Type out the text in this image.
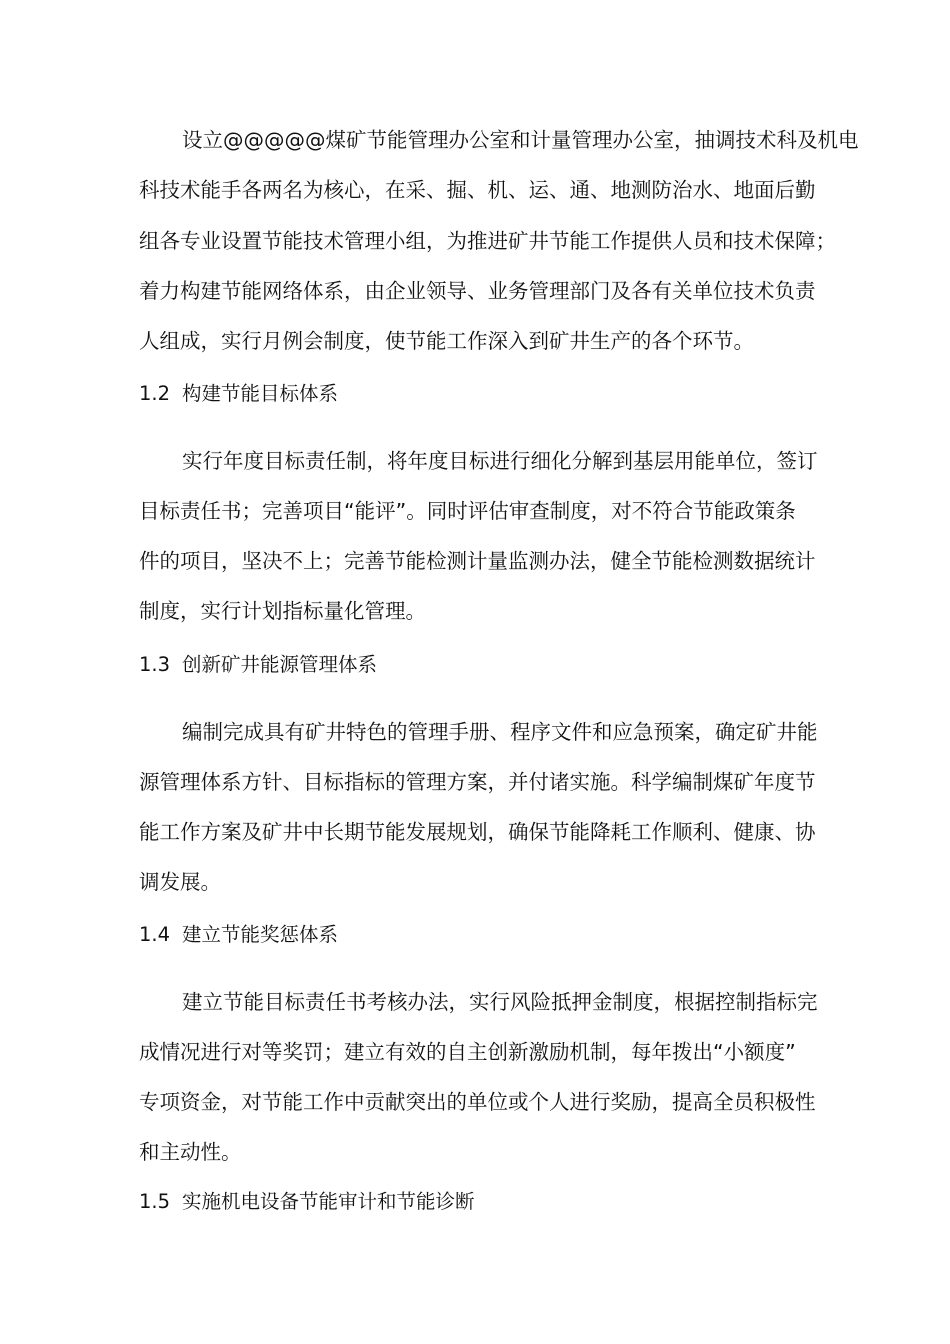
设立@@@@@煤矿节能管理办公室和计量管理办公室，抽调技术科及机电
科技术能手各两名为核心，在采、掘、机、运、通、地测防治水、地面后勤
组各专业设置节能技术管理小组，为推进矿井节能工作提供人员和技术保障；
着力构建节能网络体系，由企业领导、业务管理部门及各有关单位技术负责
人组成，实行月例会制度，使节能工作深入到矿井生产的各个环节。
1.2 构建节能目标体系
实行年度目标责任制，将年度目标进行细化分解到基层用能单位，签订
目标责任书；完善项目“能评”。同时评估审查制度，对不符合节能政策条
件的项目，坚决不上；完善节能检测计量监测办法，健全节能检测数据统计
制度，实行计划指标量化管理。
1.3 创新矿井能源管理体系
编制完成具有矿井特色的管理手册、程序文件和应急预案，确定矿井能
源管理体系方针、目标指标的管理方案，并付诸实施。科学编制煤矿年度节
能工作方案及矿井中长期节能发展规划，确保节能降耗工作顺利、健康、协
调发展。
1.4 建立节能奖惩体系
建立节能目标责任书考核办法，实行风险抵押金制度，根据控制指标完
成情况进行对等奖罚；建立有效的自主创新激励机制，每年拨出“小额度”
专项资金，对节能工作中贡献突出的单位或个人进行奖励，提高全员积极性
和主动性。
1.5 实施机电设备节能审计和节能诊断
